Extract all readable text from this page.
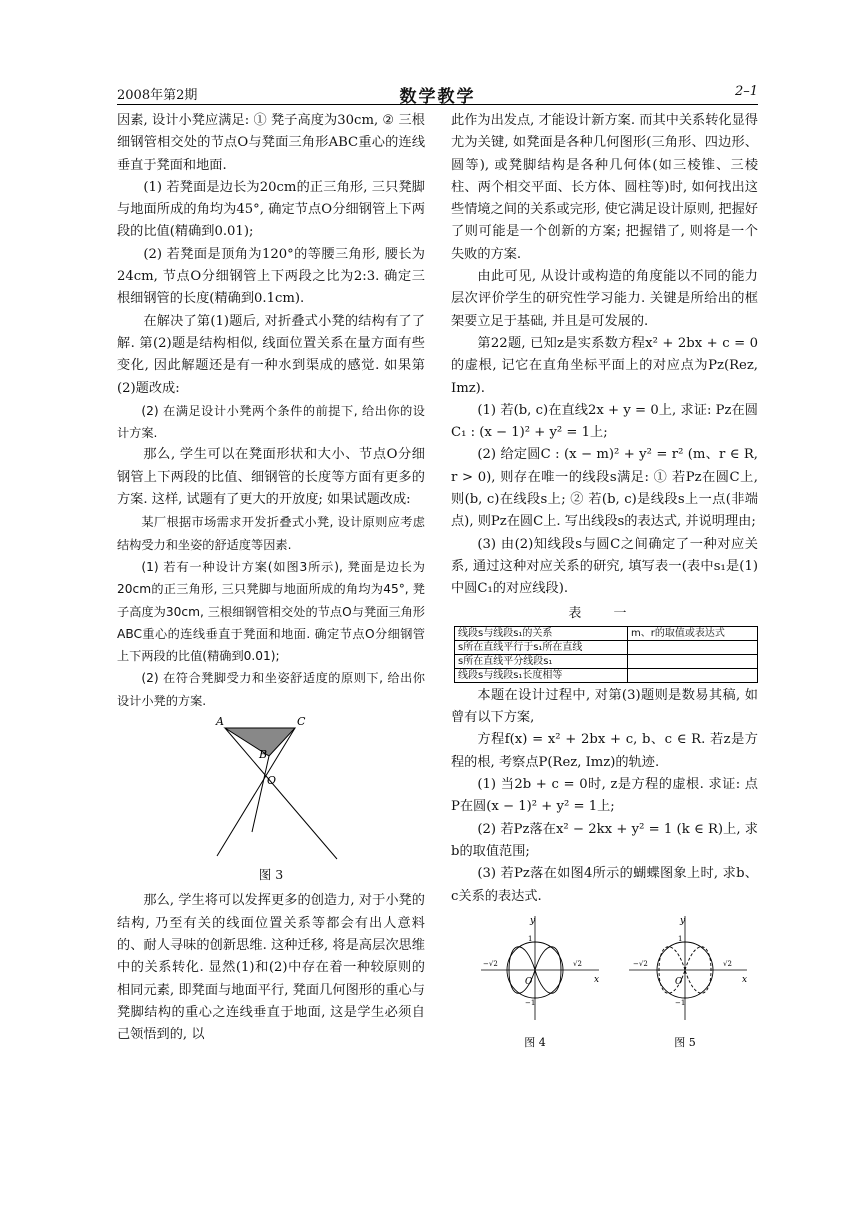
2008年第2期	数学教学	2–1

因素, 设计小凳应满足: ① 凳子高度为30cm, ② 三根细钢管相交处的节点O与凳面三角形ABC重心的连线垂直于凳面和地面.

(1) 若凳面是边长为20cm的正三角形, 三只凳脚与地面所成的角均为45°, 确定节点O分细钢管上下两段的比值(精确到0.01);

(2) 若凳面是顶角为120°的等腰三角形, 腰长为24cm, 节点O分细钢管上下两段之比为2:3. 确定三根细钢管的长度(精确到0.1cm).

在解决了第(1)题后, 对折叠式小凳的结构有了了解. 第(2)题是结构相似, 线面位置关系在量方面有些变化, 因此解题还是有一种水到渠成的感觉. 如果第(2)题改成:

(2) 在满足设计小凳两个条件的前提下, 给出你的设计方案.

那么, 学生可以在凳面形状和大小、节点O分细钢管上下两段的比值、细钢管的长度等方面有更多的方案. 这样, 试题有了更大的开放度; 如果试题改成:

某厂根据市场需求开发折叠式小凳, 设计原则应考虑结构受力和坐姿的舒适度等因素.

(1) 若有一种设计方案(如图3所示), 凳面是边长为20cm的正三角形, 三只凳脚与地面所成的角均为45°, 凳子高度为30cm, 三根细钢管相交处的节点O与凳面三角形ABC重心的连线垂直于凳面和地面. 确定节点O分细钢管上下两段的比值(精确到0.01);

(2) 在符合凳脚受力和坐姿舒适度的原则下, 给出你设计小凳的方案.

A	C
B
O
图 3

那么, 学生将可以发挥更多的创造力, 对于小凳的结构, 乃至有关的线面位置关系等都会有出人意料的、耐人寻味的创新思维. 这种迁移, 将是高层次思维中的关系转化. 显然(1)和(2)中存在着一种较原则的相同元素, 即凳面与地面平行, 凳面几何图形的重心与凳脚结构的重心之连线垂直于地面, 这是学生必须自己领悟到的, 以

此作为出发点, 才能设计新方案. 而其中关系转化显得尤为关键, 如凳面是各种几何图形(三角形、四边形、圆等), 或凳脚结构是各种几何体(如三棱锥、三棱柱、两个相交平面、长方体、圆柱等)时, 如何找出这些情境之间的关系或完形, 使它满足设计原则, 把握好了则可能是一个创新的方案; 把握错了, 则将是一个失败的方案.

由此可见, 从设计或构造的角度能以不同的能力层次评价学生的研究性学习能力. 关键是所给出的框架要立足于基础, 并且是可发展的.

第22题, 已知z是实系数方程x² + 2bx + c = 0的虚根, 记它在直角坐标平面上的对应点为Pz(Rez, Imz).

(1) 若(b, c)在直线2x + y = 0上, 求证: Pz在圆C₁ : (x − 1)² + y² = 1上;

(2) 给定圆C : (x − m)² + y² = r² (m、r ∈ R, r > 0), 则存在唯一的线段s满足: ① 若Pz在圆C上, 则(b, c)在线段s上; ② 若(b, c)是线段s上一点(非端点), 则Pz在圆C上. 写出线段s的表达式, 并说明理由;

(3) 由(2)知线段s与圆C之间确定了一种对应关系, 通过这种对应关系的研究, 填写表一(表中s₁是(1)中圆C₁的对应线段).

表 一
线段s与线段s₁的关系	m、r的取值或表达式
s所在直线平行于s₁所在直线	
s所在直线平分线段s₁	
线段s与线段s₁长度相等	

本题在设计过程中, 对第(3)题则是数易其稿, 如曾有以下方案,

方程f(x) = x² + 2bx + c, b、c ∈ R. 若z是方程的根, 考察点P(Rez, Imz)的轨迹.

(1) 当2b + c = 0时, z是方程的虚根. 求证: 点P在圆(x − 1)² + y² = 1上;

(2) 若Pz落在x² − 2kx + y² = 1 (k ∈ R)上, 求b的取值范围;

(3) 若Pz落在如图4所示的蝴蝶图象上时, 求b、c关系的表达式.

y
x
O
1
−1
−√2	√2
y
x
O
1
−1
−√2	√2
图 4	图 5
